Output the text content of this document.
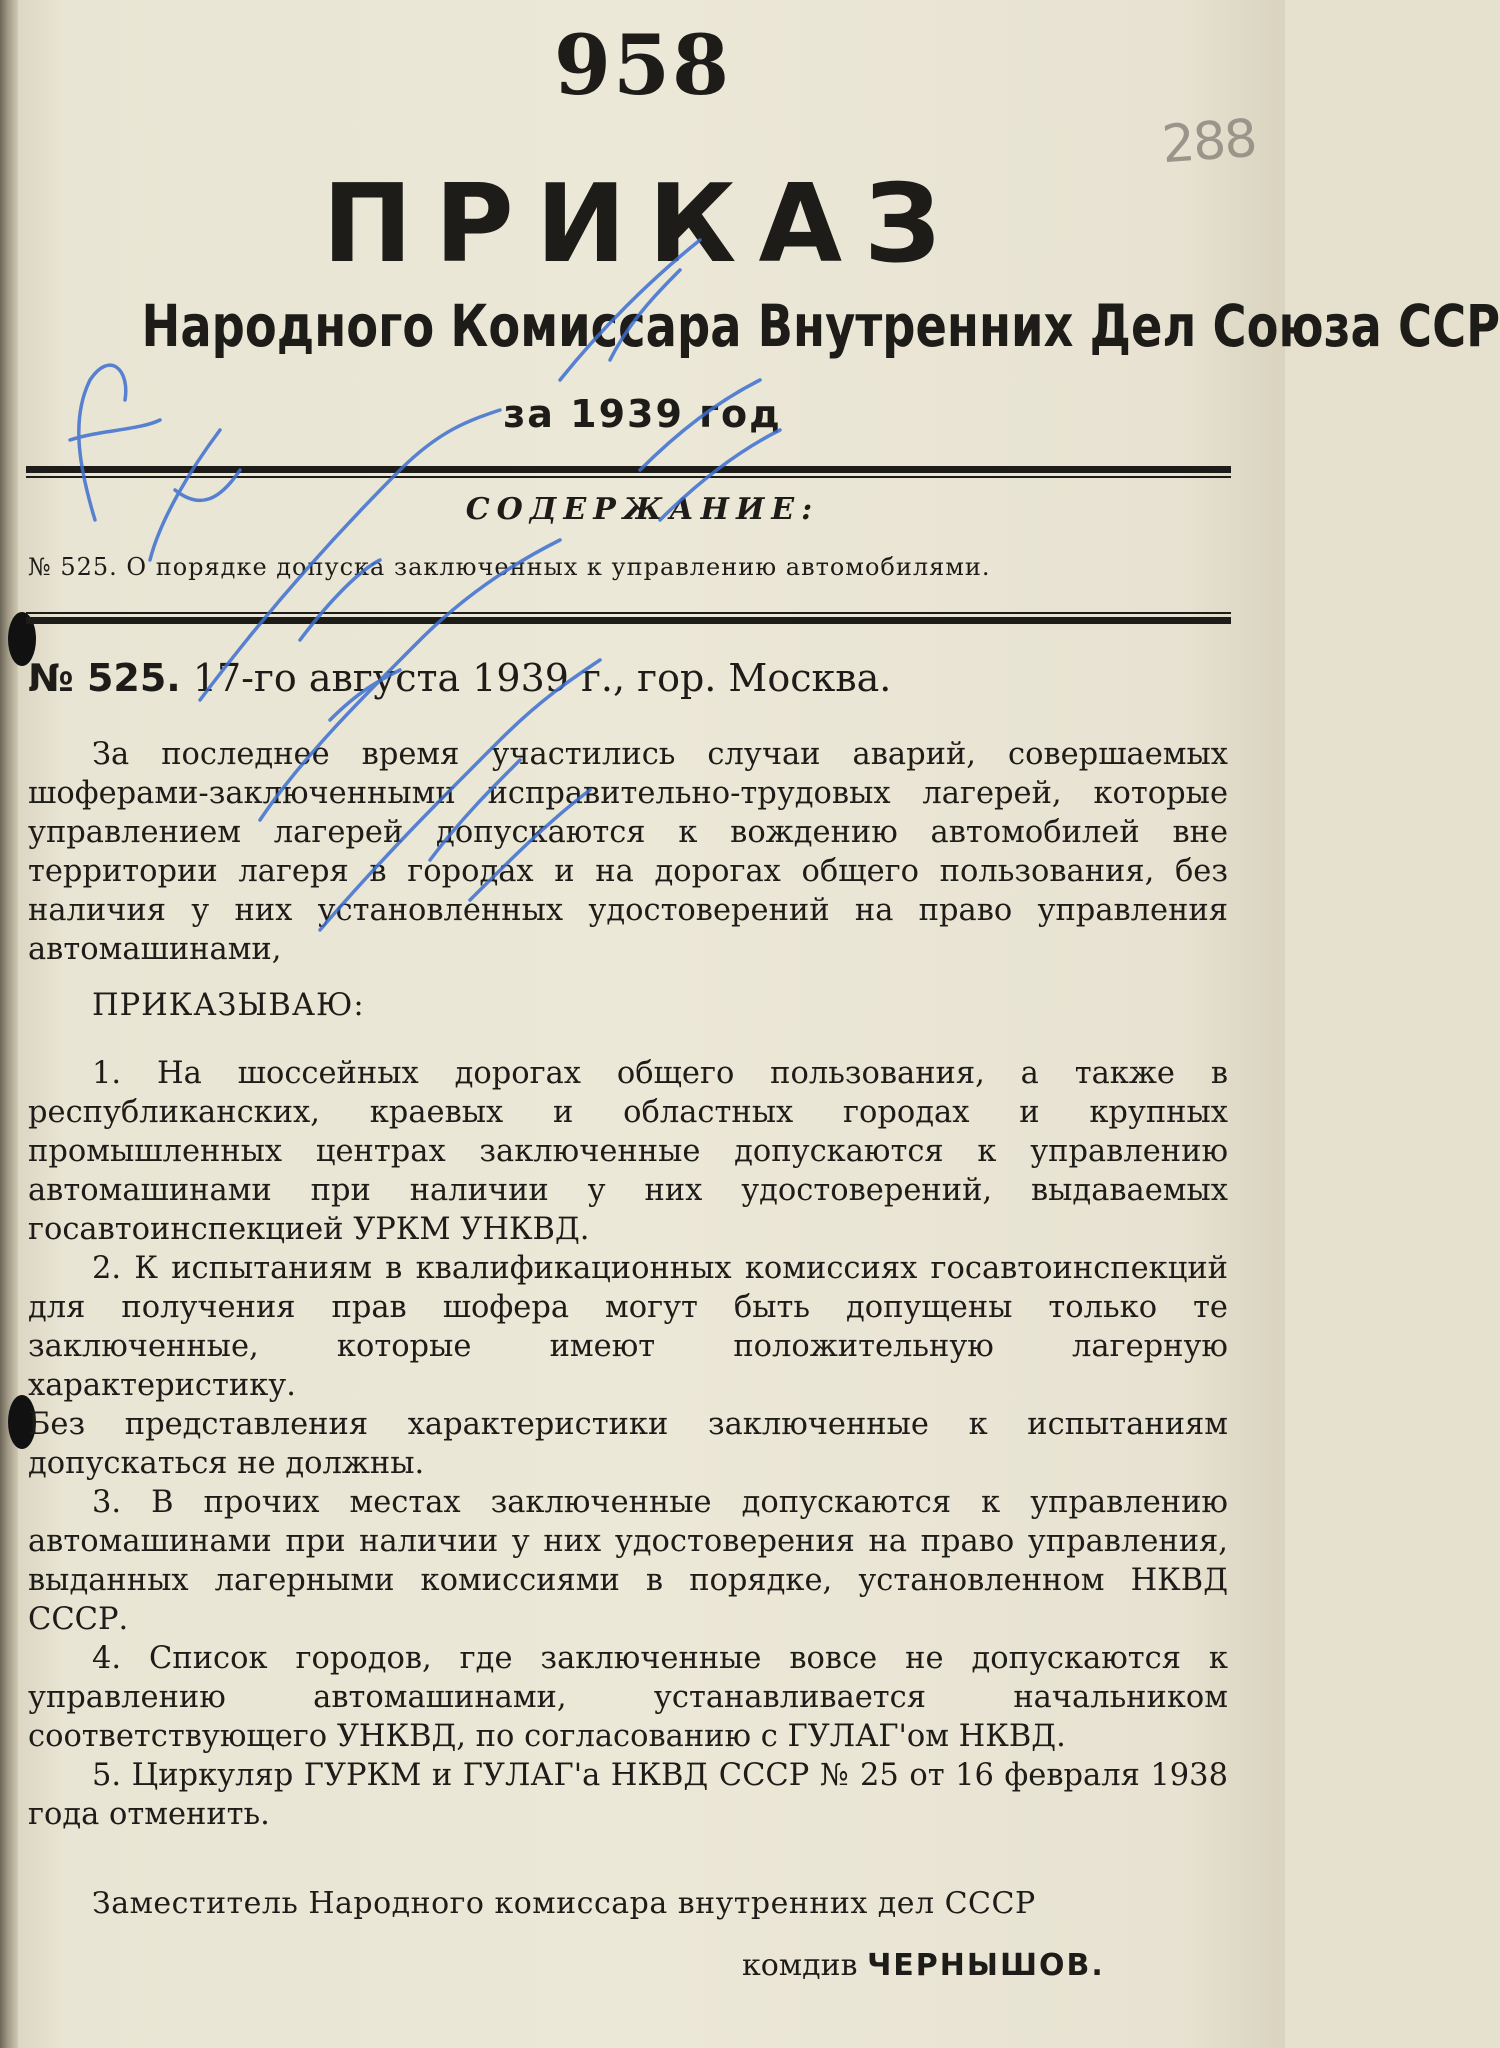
958
288
ПРИКАЗ
Народного Комиссара Внутренних Дел Союза ССР
за 1939 год
СОДЕРЖАНИЕ:
№ 525. О порядке допуска заключенных к управлению автомобилями.
№ 525. 17-го августа 1939 г., гор. Москва.

За последнее время участились случаи аварий, совершаемых шоферами-заключенными исправительно-трудовых лагерей, которые управлением лагерей допускаются к вождению автомобилей вне территории лагеря в городах и на дорогах общего пользования, без наличия у них установленных удостоверений на право управления автомашинами,

ПРИКАЗЫВАЮ:

1. На шоссейных дорогах общего пользования, а также в республиканских, краевых и областных городах и крупных промышленных центрах заключенные допускаются к управлению автомашинами при наличии у них удостоверений, выдаваемых госавтоинспекцией УРКМ УНКВД.

2. К испытаниям в квалификационных комиссиях госавтоинспекций для получения прав шофера могут быть допущены только те заключенные, которые имеют положительную лагерную характеристику.

Без представления характеристики заключенные к испытаниям допускаться не должны.

3. В прочих местах заключенные допускаются к управлению автомашинами при наличии у них удостоверения на право управления, выданных лагерными комиссиями в порядке, установленном НКВД СССР.

4. Список городов, где заключенные вовсе не допускаются к управлению автомашинами, устанавливается начальником соответствующего УНКВД, по согласованию с ГУЛАГ'ом НКВД.

5. Циркуляр ГУРКМ и ГУЛАГ'а НКВД СССР № 25 от 16 февраля 1938 года отменить.

Заместитель Народного комиссара внутренних дел СССР
комдив ЧЕРНЫШОВ.
